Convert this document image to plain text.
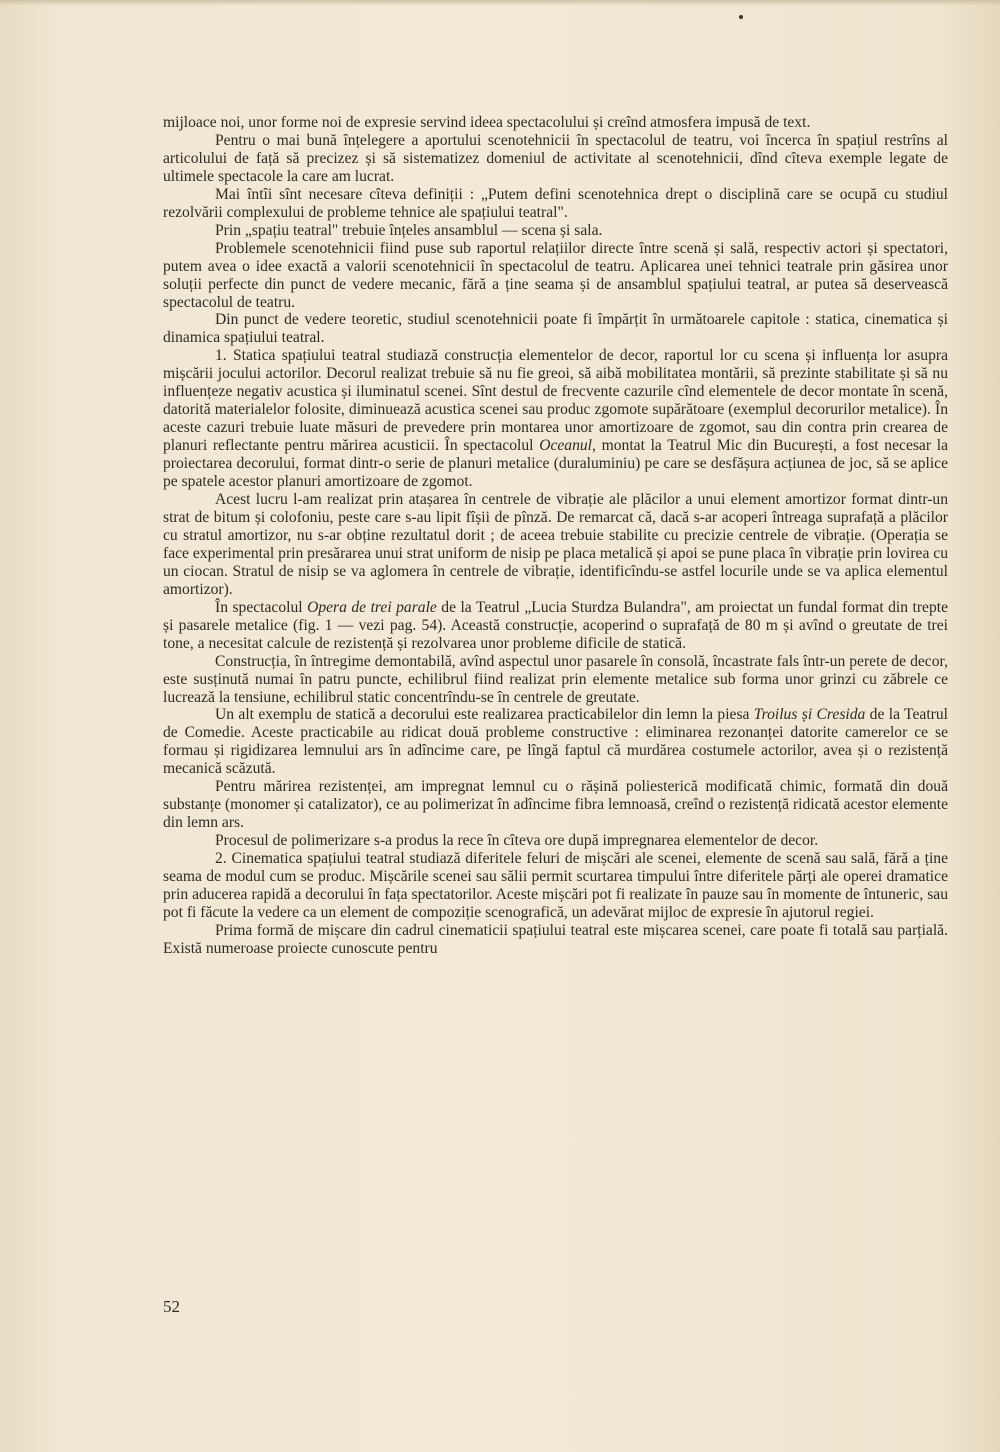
mijloace noi, unor forme noi de expresie servind ideea spectacolului și creînd atmosfera impusă de text.

Pentru o mai bună înțelegere a aportului scenotehnicii în spectacolul de teatru, voi încerca în spațiul restrîns al articolului de față să precizez și să sistematizez domeniul de activitate al scenotehnicii, dînd cîteva exemple legate de ultimele spectacole la care am lucrat.

Mai întîi sînt necesare cîteva definiții : „Putem defini scenotehnica drept o disciplină care se ocupă cu studiul rezolvării complexului de probleme tehnice ale spațiului teatral".

Prin „spațiu teatral" trebuie înțeles ansamblul — scena și sala.

Problemele scenotehnicii fiind puse sub raportul relațiilor directe între scenă și sală, respectiv actori și spectatori, putem avea o idee exactă a valorii scenotehnicii în spectacolul de teatru. Aplicarea unei tehnici teatrale prin găsirea unor soluții perfecte din punct de vedere mecanic, fără a ține seama și de ansamblul spațiului teatral, ar putea să deservească spectacolul de teatru.

Din punct de vedere teoretic, studiul scenotehnicii poate fi împărțit în următoarele capitole : statica, cinematica și dinamica spațiului teatral.

1. Statica spațiului teatral studiază construcția elementelor de decor, raportul lor cu scena și influența lor asupra mișcării jocului actorilor. Decorul realizat trebuie să nu fie greoi, să aibă mobilitatea montării, să prezinte stabilitate și să nu influențeze negativ acustica și iluminatul scenei. Sînt destul de frecvente cazurile cînd elementele de decor montate în scenă, datorită materialelor folosite, diminuează acustica scenei sau produc zgomote supărătoare (exemplul decorurilor metalice). În aceste cazuri trebuie luate măsuri de prevedere prin montarea unor amortizoare de zgomot, sau din contra prin crearea de planuri reflectante pentru mărirea acusticii. În spectacolul Oceanul, montat la Teatrul Mic din București, a fost necesar la proiectarea decorului, format dintr-o serie de planuri metalice (duraluminiu) pe care se desfășura acțiunea de joc, să se aplice pe spatele acestor planuri amortizoare de zgomot.

Acest lucru l-am realizat prin atașarea în centrele de vibrație ale plăcilor a unui element amortizor format dintr-un strat de bitum și colofoniu, peste care s-au lipit fîșii de pînză. De remarcat că, dacă s-ar acoperi întreaga suprafață a plăcilor cu stratul amortizor, nu s-ar obține rezultatul dorit ; de aceea trebuie stabilite cu precizie centrele de vibrație. (Operația se face experimental prin presărarea unui strat uniform de nisip pe placa metalică și apoi se pune placa în vibrație prin lovirea cu un ciocan. Stratul de nisip se va aglomera în centrele de vibrație, identificîndu-se astfel locurile unde se va aplica elementul amortizor).

În spectacolul Opera de trei parale de la Teatrul „Lucia Sturdza Bulandra", am proiectat un fundal format din trepte și pasarele metalice (fig. 1 — vezi pag. 54). Această construcție, acoperind o suprafață de 80 m și avînd o greutate de trei tone, a necesitat calcule de rezistență și rezolvarea unor probleme dificile de statică.

Construcția, în întregime demontabilă, avînd aspectul unor pasarele în consolă, încastrate fals într-un perete de decor, este susținută numai în patru puncte, echilibrul fiind realizat prin elemente metalice sub forma unor grinzi cu zăbrele ce lucrează la tensiune, echilibrul static concentrîndu-se în centrele de greutate.

Un alt exemplu de statică a decorului este realizarea practicabilelor din lemn la piesa Troilus și Cresida de la Teatrul de Comedie. Aceste practicabile au ridicat două probleme constructive : eliminarea rezonanței datorite camerelor ce se formau și rigidizarea lemnului ars în adîncime care, pe lîngă faptul că murdărea costumele actorilor, avea și o rezistență mecanică scăzută.

Pentru mărirea rezistenței, am impregnat lemnul cu o rășină poliesterică modificată chimic, formată din două substanțe (monomer și catalizator), ce au polimerizat în adîncime fibra lemnoasă, creînd o rezistență ridicată acestor elemente din lemn ars.

Procesul de polimerizare s-a produs la rece în cîteva ore după impregnarea elementelor de decor.

2. Cinematica spațiului teatral studiază diferitele feluri de mișcări ale scenei, elemente de scenă sau sală, fără a ține seama de modul cum se produc. Mișcările scenei sau sălii permit scurtarea timpului între diferitele părți ale operei dramatice prin aducerea rapidă a decorului în fața spectatorilor. Aceste mișcări pot fi realizate în pauze sau în momente de întuneric, sau pot fi făcute la vedere ca un element de compoziție scenografică, un adevărat mijloc de expresie în ajutorul regiei.

Prima formă de mișcare din cadrul cinematicii spațiului teatral este mișcarea scenei, care poate fi totală sau parțială. Există numeroase proiecte cunoscute pentru

52
